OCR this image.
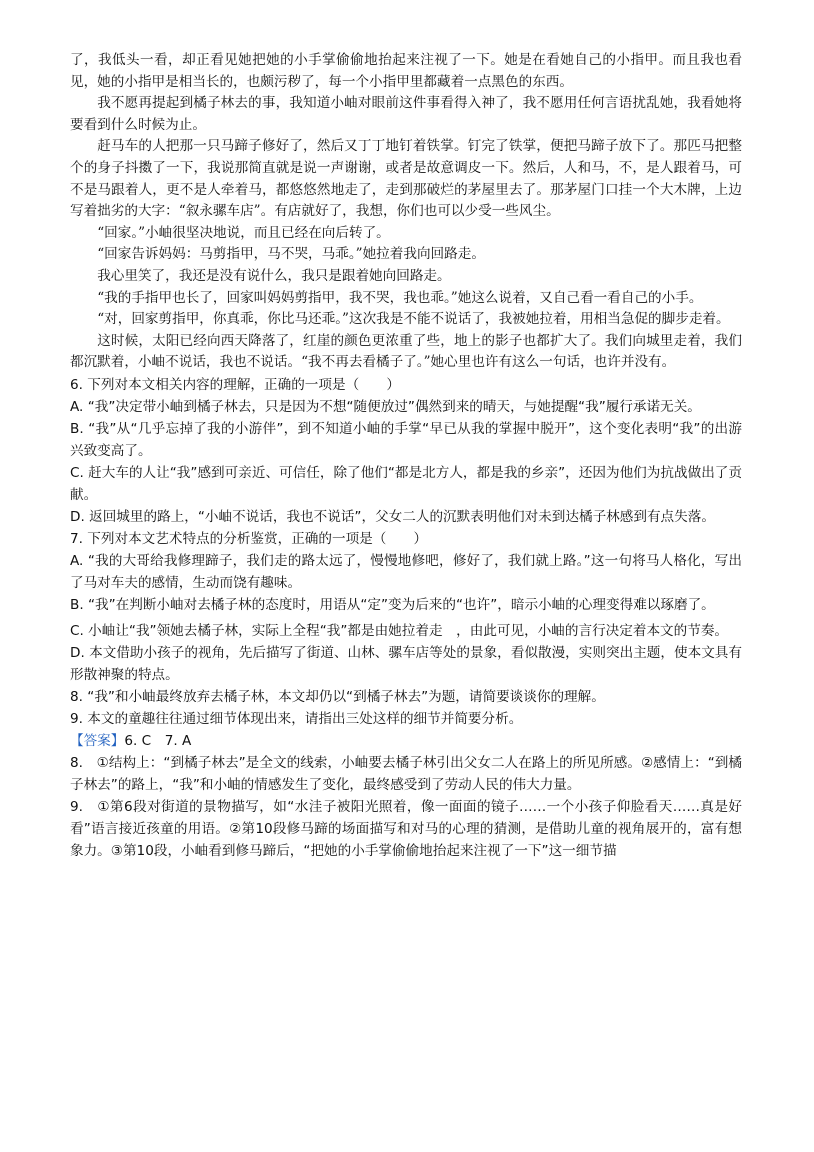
了，我低头一看，却正看见她把她的小手掌偷偷地抬起来注视了一下。她是在看她自己的小指甲。而且我也看见，她的小指甲是相当长的，也颇污秽了，每一个小指甲里都藏着一点黑色的东西。

我不愿再提起到橘子林去的事，我知道小岫对眼前这件事看得入神了，我不愿用任何言语扰乱她，我看她将要看到什么时候为止。

赶马车的人把那一只马蹄子修好了，然后又丁丁地钉着铁掌。钉完了铁掌，便把马蹄子放下了。那匹马把整个的身子抖擞了一下，我说那简直就是说一声谢谢，或者是故意调皮一下。然后，人和马，不，是人跟着马，可不是马跟着人，更不是人牵着马，都悠悠然地走了，走到那破烂的茅屋里去了。那茅屋门口挂一个大木牌，上边写着拙劣的大字：“叙永骡车店”。有店就好了，我想，你们也可以少受一些风尘。

“回家。”小岫很坚决地说，而且已经在向后转了。

“回家告诉妈妈：马剪指甲，马不哭，马乖。”她拉着我向回路走。

我心里笑了，我还是没有说什么，我只是跟着她向回路走。

“我的手指甲也长了，回家叫妈妈剪指甲，我不哭，我也乖。”她这么说着，又自己看一看自己的小手。

“对，回家剪指甲，你真乖，你比马还乖。”这次我是不能不说话了，我被她拉着，用相当急促的脚步走着。

这时候，太阳已经向西天降落了，红崖的颜色更浓重了些，地上的影子也都扩大了。我们向城里走着，我们都沉默着，小岫不说话，我也不说话。“我不再去看橘子了。”她心里也许有这么一句话，也许并没有。

6. 下列对本文相关内容的理解，正确的一项是（　　）

A. “我”决定带小岫到橘子林去，只是因为不想“随便放过”偶然到来的晴天，与她提醒“我”履行承诺无关。

B. “我”从“几乎忘掉了我的小游伴”，到不知道小岫的手掌“早已从我的掌握中脱开”，这个变化表明“我”的出游兴致变高了。

C. 赶大车的人让“我”感到可亲近、可信任，除了他们“都是北方人，都是我的乡亲”，还因为他们为抗战做出了贡献。

D. 返回城里的路上，“小岫不说话，我也不说话”，父女二人的沉默表明他们对未到达橘子林感到有点失落。

7. 下列对本文艺术特点的分析鉴赏，正确的一项是（　　）

A. “我的大哥给我修理蹄子，我们走的路太远了，慢慢地修吧，修好了，我们就上路。”这一句将马人格化，写出了马对车夫的感情，生动而饶有趣味。

B. “我”在判断小岫对去橘子林的态度时，用语从“定”变为后来的“也许”，暗示小岫的心理变得难以琢磨了。

C. 小岫让“我”领她去橘子林，实际上全程“我”都是由她拉着走　，由此可见，小岫的言行决定着本文的节奏。

D. 本文借助小孩子的视角，先后描写了街道、山林、骡车店等处的景象，看似散漫，实则突出主题，使本文具有形散神聚的特点。

8. “我”和小岫最终放弃去橘子林，本文却仍以“到橘子林去”为题，请简要谈谈你的理解。

9. 本文的童趣往往通过细节体现出来，请指出三处这样的细节并简要分析。

【答案】6. C　7. A

8.　①结构上：“到橘子林去”是全文的线索，小岫要去橘子林引出父女二人在路上的所见所感。②感情上：“到橘子林去”的路上，“我”和小岫的情感发生了变化，最终感受到了劳动人民的伟大力量。

9.　①第6段对街道的景物描写，如“水洼子被阳光照着，像一面面的镜子……一个小孩子仰脸看天……真是好看”语言接近孩童的用语。②第10段修马蹄的场面描写和对马的心理的猜测，是借助儿童的视角展开的，富有想象力。③第10段，小岫看到修马蹄后，“把她的小手掌偷偷地抬起来注视了一下”这一细节描
